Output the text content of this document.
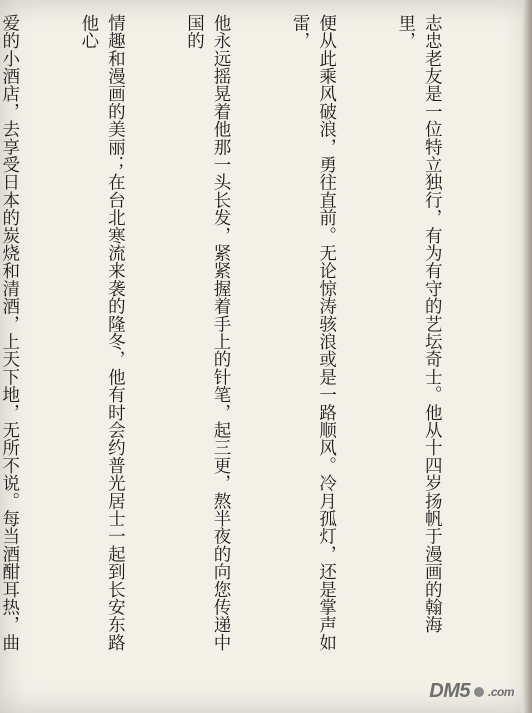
志忠老友是一位特立独行，有为有守的艺坛奇士。他从十四岁扬帆于漫画的翰海里，

便从此乘风破浪，勇往直前。无论惊涛骇浪或是一路顺风。冷月孤灯，还是掌声如雷，

他永远摇晃着他那一头长发，紧紧握着手上的针笔，起三更，熬半夜的向您传递中国的

情趣和漫画的美丽；在台北寒流来袭的隆冬，他有时会约普光居士一起到长安东路他心

爱的小酒店，去享受日本的炭烧和清酒，上天下地，无所不说。每当酒酣耳热，曲

DM5 .com
